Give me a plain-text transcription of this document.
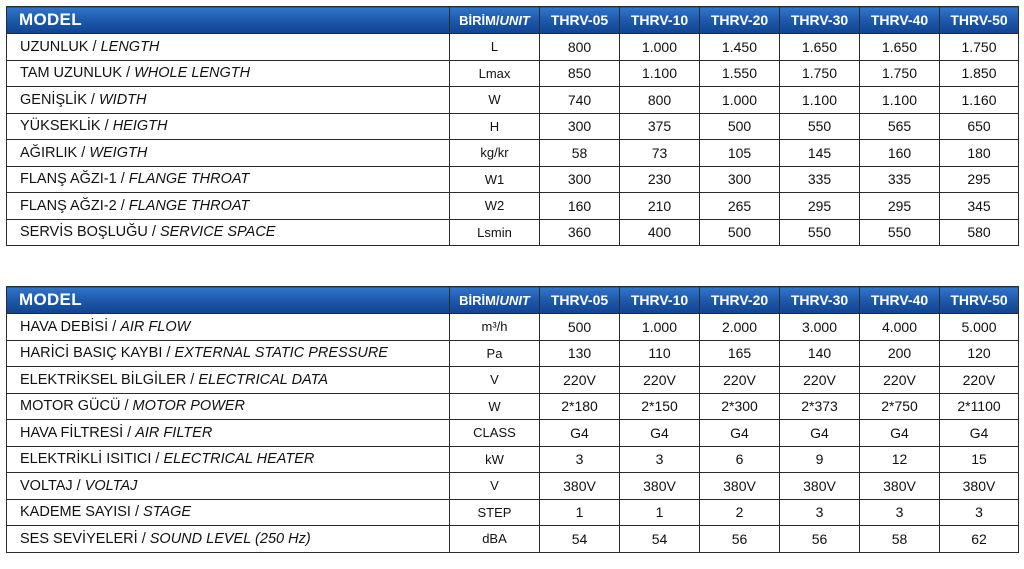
MODEL	BİRİM/UNIT	THRV-05	THRV-10	THRV-20	THRV-30	THRV-40	THRV-50
UZUNLUK / LENGTH	L	800	1.000	1.450	1.650	1.650	1.750
TAM UZUNLUK / WHOLE LENGTH	Lmax	850	1.100	1.550	1.750	1.750	1.850
GENİŞLİK / WIDTH	W	740	800	1.000	1.100	1.100	1.160
YÜKSEKLİK / HEIGTH	H	300	375	500	550	565	650
AĞIRLIK / WEIGTH	kg/kr	58	73	105	145	160	180
FLANŞ AĞZI-1 / FLANGE THROAT	W1	300	230	300	335	335	295
FLANŞ AĞZI-2 / FLANGE THROAT	W2	160	210	265	295	295	345
SERVİS BOŞLUĞU / SERVICE SPACE	Lsmin	360	400	500	550	550	580
MODEL	BİRİM/UNIT	THRV-05	THRV-10	THRV-20	THRV-30	THRV-40	THRV-50
HAVA DEBİSİ / AIR FLOW	m³/h	500	1.000	2.000	3.000	4.000	5.000
HARİCİ BASIÇ KAYBI / EXTERNAL STATIC PRESSURE	Pa	130	110	165	140	200	120
ELEKTRİKSEL BİLGİLER / ELECTRICAL DATA	V	220V	220V	220V	220V	220V	220V
MOTOR GÜCÜ / MOTOR POWER	W	2*180	2*150	2*300	2*373	2*750	2*1100
HAVA FİLTRESİ / AIR FILTER	CLASS	G4	G4	G4	G4	G4	G4
ELEKTRİKLİ ISITICI / ELECTRICAL HEATER	kW	3	3	6	9	12	15
VOLTAJ / VOLTAJ	V	380V	380V	380V	380V	380V	380V
KADEME SAYISI / STAGE	STEP	1	1	2	3	3	3
SES SEVİYELERİ / SOUND LEVEL (250 Hz)	dBA	54	54	56	56	58	62
